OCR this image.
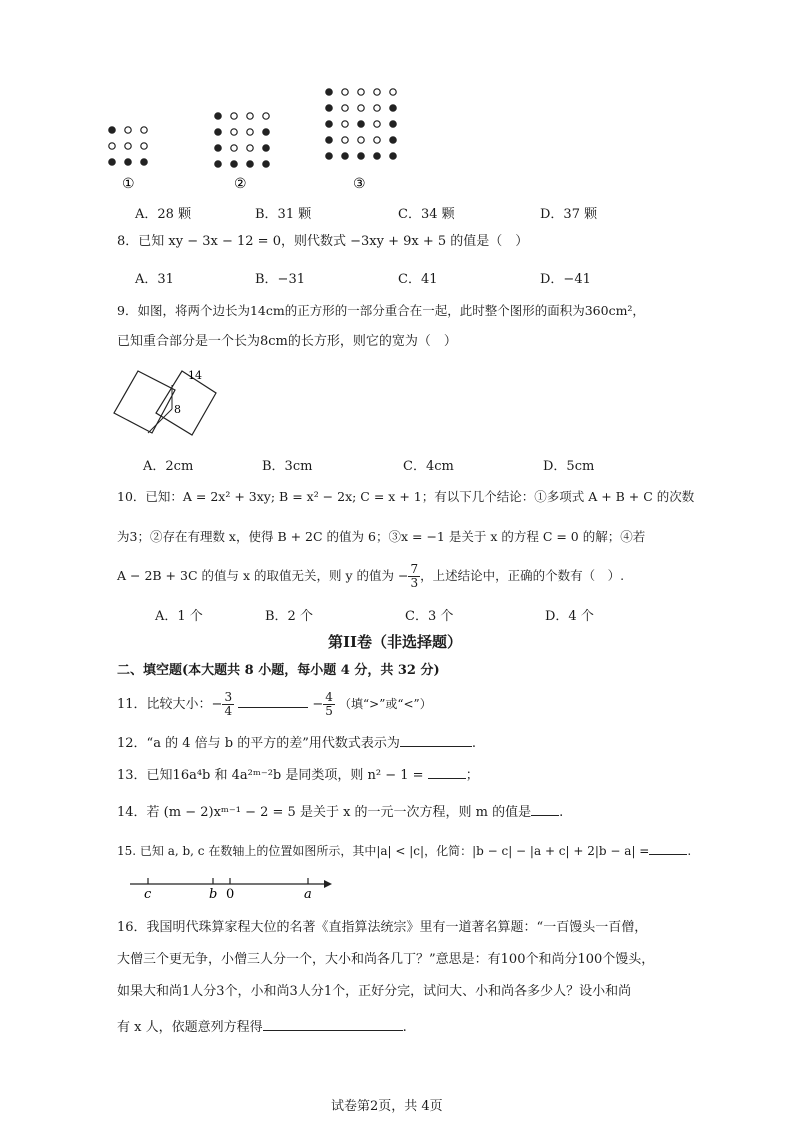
①	②	③
A．28 颗	B．31 颗	C．34 颗	D．37 颗
8．已知 xy − 3x − 12 = 0，则代数式 −3xy + 9x + 5 的值是（　）
A．31	B．−31	C．41	D．−41
9．如图，将两个边长为14cm的正方形的一部分重合在一起，此时整个图形的面积为360cm²，
已知重合部分是一个长为8cm的长方形，则它的宽为（　）
14
8
A．2cm	B．3cm	C．4cm	D．5cm
10．已知：A = 2x² + 3xy; B = x² − 2x; C = x + 1；有以下几个结论：①多项式 A + B + C 的次数
为3；②存在有理数 x，使得 B + 2C 的值为 6；③x = −1 是关于 x 的方程 C = 0 的解；④若
A − 2B + 3C 的值与 x 的取值无关，则 y 的值为 − $\frac{7}{3}$ ，上述结论中，正确的个数有（　）.
A．1 个	B．2 个	C．3 个	D．4 个
第II卷（非选择题）
二、填空题(本大题共 8 小题，每小题 4 分，共 32 分)
11．比较大小：− $\frac{3}{4}$	− $\frac{4}{5}$ （填“>”或“<”）
12．“a 的 4 倍与 b 的平方的差”用代数式表示为	.
13．已知16a⁴b 和 4a²ᵐ⁻²b 是同类项，则 n² − 1 =	；
14．若 (m − 2)xᵐ⁻¹ − 2 = 5 是关于 x 的一元一次方程，则 m 的值是 .
15. 已知 a, b, c 在数轴上的位置如图所示，其中|a| < |c|，化简：|b − c| − |a + c| + 2|b − a| =	.
c	b 0	a
16．我国明代珠算家程大位的名著《直指算法统宗》里有一道著名算题：“一百馒头一百僧，
大僧三个更无争，小僧三人分一个，大小和尚各几丁？”意思是：有100个和尚分100个馒头，
如果大和尚1人分3个，小和尚3人分1个，正好分完，试问大、小和尚各多少人？设小和尚
有 x 人，依题意列方程得	.
试卷第2页，共 4页
